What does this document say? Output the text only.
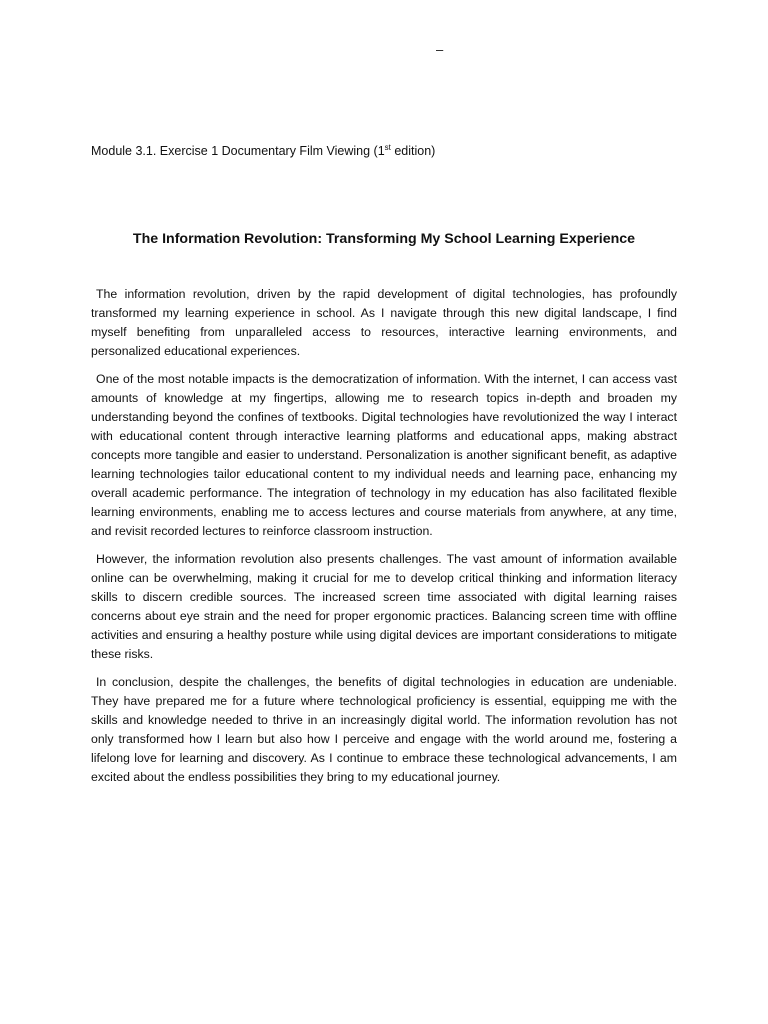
–
Module 3.1. Exercise 1 Documentary Film Viewing (1st edition)
The Information Revolution: Transforming My School Learning Experience

The information revolution, driven by the rapid development of digital technologies, has profoundly transformed my learning experience in school. As I navigate through this new digital landscape, I find myself benefiting from unparalleled access to resources, interactive learning environments, and personalized educational experiences.

One of the most notable impacts is the democratization of information. With the internet, I can access vast amounts of knowledge at my fingertips, allowing me to research topics in-depth and broaden my understanding beyond the confines of textbooks. Digital technologies have revolutionized the way I interact with educational content through interactive learning platforms and educational apps, making abstract concepts more tangible and easier to understand. Personalization is another significant benefit, as adaptive learning technologies tailor educational content to my individual needs and learning pace, enhancing my overall academic performance. The integration of technology in my education has also facilitated flexible learning environments, enabling me to access lectures and course materials from anywhere, at any time, and revisit recorded lectures to reinforce classroom instruction.

However, the information revolution also presents challenges. The vast amount of information available online can be overwhelming, making it crucial for me to develop critical thinking and information literacy skills to discern credible sources. The increased screen time associated with digital learning raises concerns about eye strain and the need for proper ergonomic practices. Balancing screen time with offline activities and ensuring a healthy posture while using digital devices are important considerations to mitigate these risks.

In conclusion, despite the challenges, the benefits of digital technologies in education are undeniable. They have prepared me for a future where technological proficiency is essential, equipping me with the skills and knowledge needed to thrive in an increasingly digital world. The information revolution has not only transformed how I learn but also how I perceive and engage with the world around me, fostering a lifelong love for learning and discovery. As I continue to embrace these technological advancements, I am excited about the endless possibilities they bring to my educational journey.
